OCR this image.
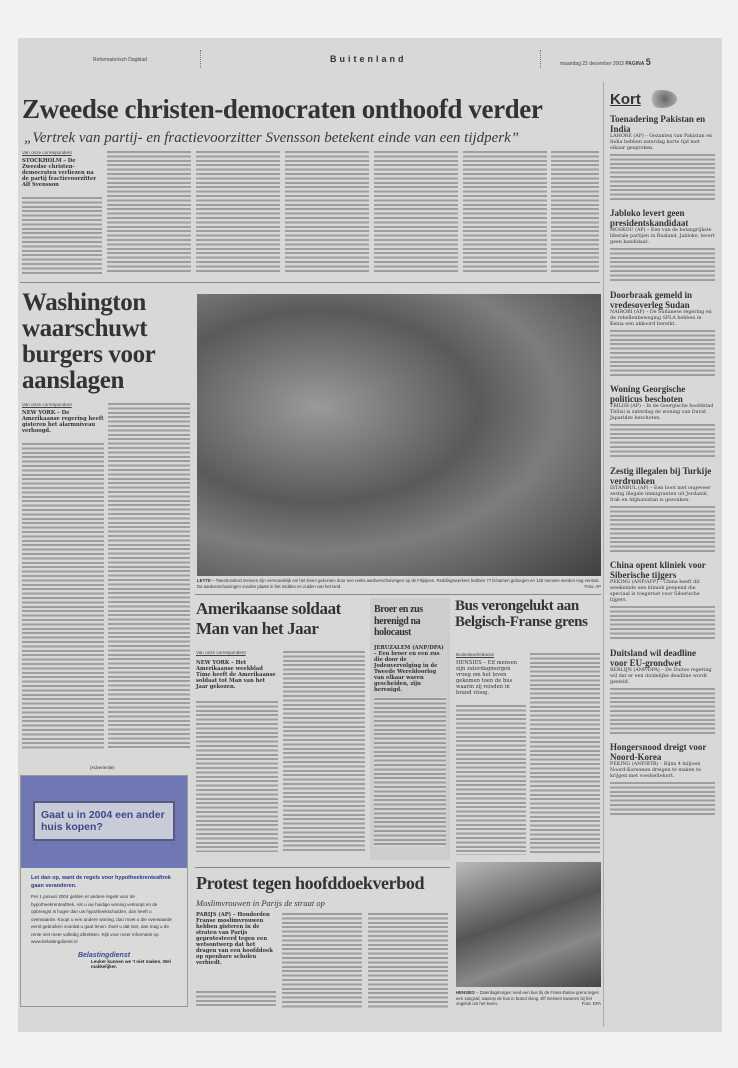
Reformatorisch Dagblad	Buitenland	maandag 22 december 2003 PAGINA 5
Zweedse christen-democraten onthoofd verder
„Vertrek van partij- en fractievoorzitter Svensson betekent einde van een tijdperk”
Van onze correspondent
STOCKHOLM – De Zweedse christen-democraten verliezen na de partij fractievoorzitter Alf Svensson
Kort
Toenadering Pakistan en India
LAHORE (AP) – Gezanten van Pakistan en India hebben zaterdag korte tijd met elkaar gesproken.
Jabloko levert geen presidentskandidaat
MOSKOU (AP) – Een van de belangrijkste liberale partijen in Rusland, Jabloko, levert geen kandidaat.
Doorbraak gemeld in vredesoverleg Sudan
NAIROBI (AP) – De Sudanese regering en de rebellenbeweging SPLA hebben in Kenia een akkoord bereikt.
Woning Georgische politicus beschoten
TBILISI (AP) – In de Georgische hoofdstad Tbilisi is zaterdag de woning van David Japaridze beschoten.
Zestig illegalen bij Turkije verdronken
ISTANBUL (AP) – Een boot met ongeveer zestig illegale immigranten uit Jordanië, Irak en Afghanistan is gezonken.
China opent kliniek voor Siberische tijgers
PEKING (ANP/AFP) – China heeft dit weekeinde een kliniek geopend die speciaal is toegerust voor Siberische tijgers.
Duitsland wil deadline voor EU-grondwet
BERLIJN (ANP/DPA) – De Duitse regering wil dat er een duidelijke deadline wordt gesteld.
Hongersnood dreigt voor Noord-Korea
PEKING (ANP/RTR) – Bijna 4 miljoen Noord-Koreanen dreigen te maken te krijgen met voedseltekort.
Washington waarschuwt burgers voor aanslagen
Van onze correspondent
NEW YORK – De Amerikaanse regering heeft gisteren het alarmniveau verhoogd.
(Advertentie)
LEYTE – Tweehonderd mensen zijn vermoedelijk om het leven gekomen door een reeks aardverschuivingen op de Filipijnen. Reddingswerkers hebben 77 lichamen geborgen en 125 mensen worden nog vermist. De aardverschuivingen vonden plaats in het midden en zuiden van het land.	Foto: AP
Gaat u in 2004 een ander huis kopen?
Let dan op, want de regels voor hypotheekrenteaftrek gaan veranderen.
Per 1 januari 2004 gelden er andere regels voor de hypotheekrenteaftrek. Als u uw huidige woning verkoopt en de opbrengst is hoger dan uw hypotheekschulden, dan heeft u overwaarde. Koopt u een andere woning, dan moet u die overwaarde eerst gebruiken voordat u gaat lenen. Doet u dat niet, dan mag u de rente niet meer volledig aftrekken. Kijk voor meer informatie op www.belastingdienst.nl
Belastingdienst
Leuker kunnen we 't niet maken. Wel makkelijker.
Amerikaanse soldaat Man van het Jaar
Van onze correspondent
NEW YORK – Het Amerikaanse weekblad Time heeft de Amerikaanse soldaat tot Man van het Jaar gekozen.
Broer en zus herenigd na holocaust
JERUZALEM (ANP/DPA) – Een broer en een zus die door de Jodenvervolging in de Tweede Wereldoorlog van elkaar waren gescheiden, zijn herenigd.
Bus verongelukt aan Belgisch-Franse grens
Buitenlandredactie
HENSIES – Elf mensen zijn zaterdagmorgen vroeg om het leven gekomen toen de bus waarin zij reisden in brand vloog.
HENSIES – Zaterdagmorgen reed een bus bij de Frans-Duitse grens tegen een vangrail, waarop de bus in brand vloog. Elf mensen kwamen bij het ongeluk om het leven.	Foto: EPA
Protest tegen hoofddoekverbod
Moslimvrouwen in Parijs de straat op
PARIJS (AP) – Honderden Franse moslimvrouwen hebben gisteren in de straten van Parijs geprotesteerd tegen een wetsontwerp dat het dragen van een hoofddoek op openbare scholen verbiedt.
